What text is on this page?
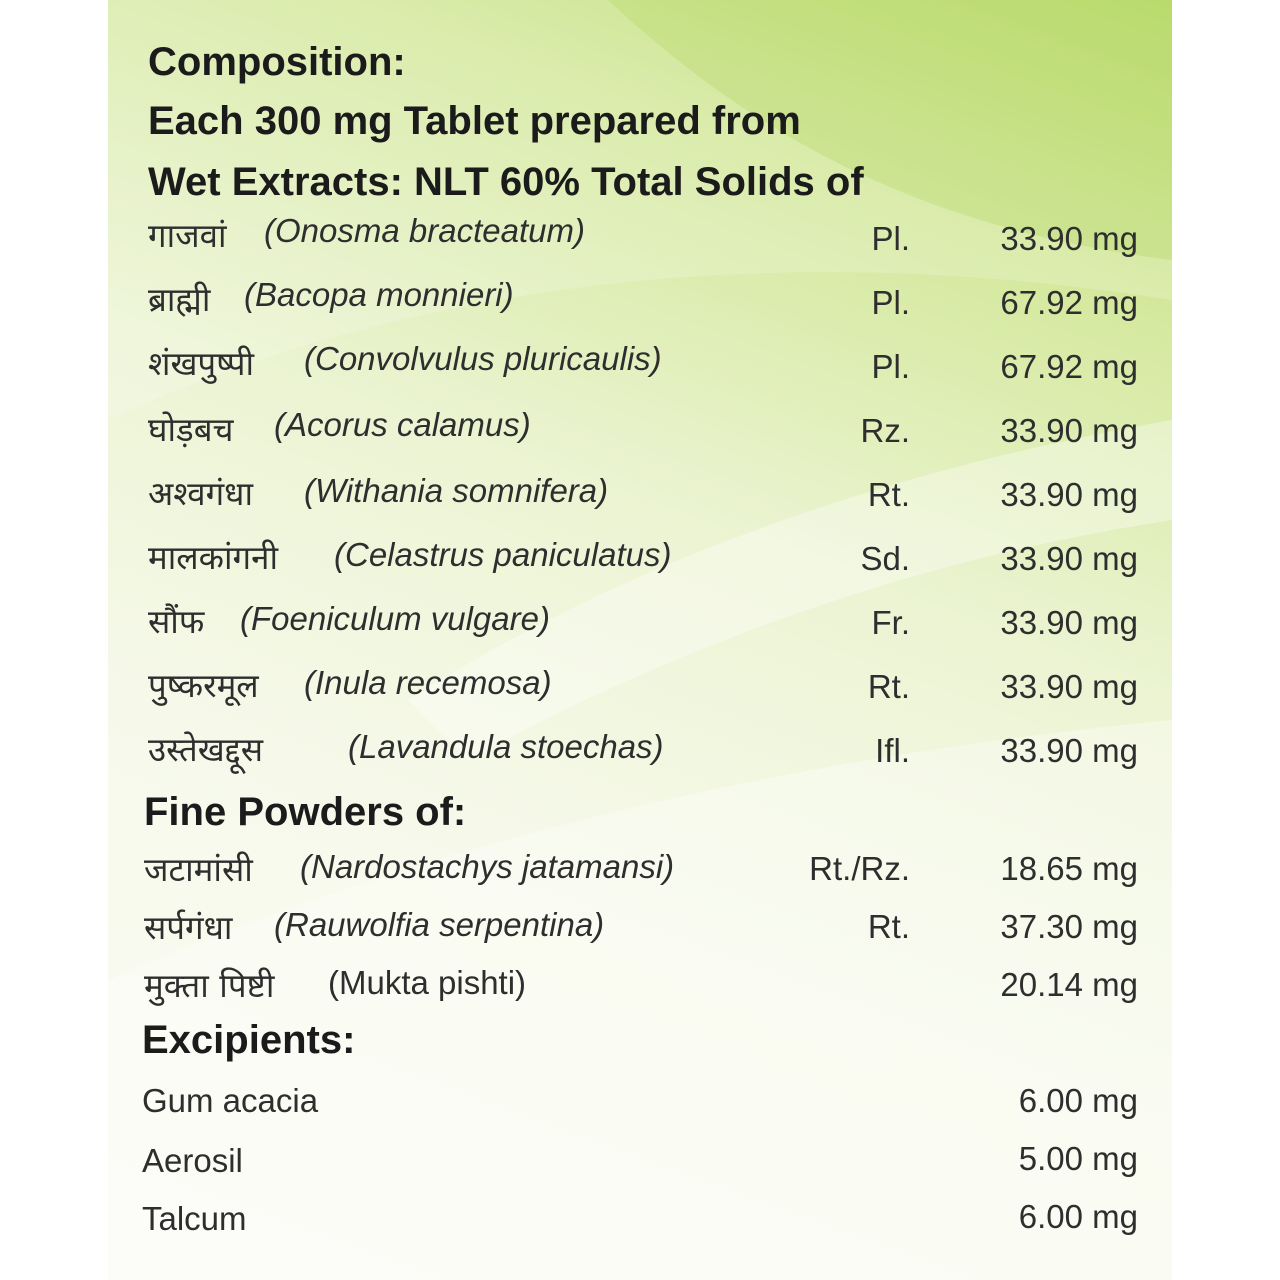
Composition:
Each 300 mg Tablet prepared from
Wet Extracts: NLT 60% Total Solids of
गाजवां (Onosma bracteatum)	Pl.	33.90 mg
ब्राह्मी (Bacopa monnieri)	Pl.	67.92 mg
शंखपुष्पी (Convolvulus pluricaulis)	Pl.	67.92 mg
घोड़बच (Acorus calamus)	Rz.	33.90 mg
अश्वगंधा (Withania somnifera)	Rt.	33.90 mg
मालकांगनी (Celastrus paniculatus)	Sd.	33.90 mg
सौंफ (Foeniculum vulgare)	Fr.	33.90 mg
पुष्करमूल (Inula recemosa)	Rt.	33.90 mg
उस्तेखद्दूस	(Lavandula stoechas)	Ifl.	33.90 mg
Fine Powders of:
जटामांसी (Nardostachys jatamansi)	Rt./Rz.	18.65 mg
सर्पगंधा (Rauwolfia serpentina)	Rt.	37.30 mg
मुक्ता पिष्टी (Mukta pishti)	20.14 mg
Excipients:
Gum acacia	6.00 mg
Aerosil	5.00 mg
Talcum	6.00 mg
